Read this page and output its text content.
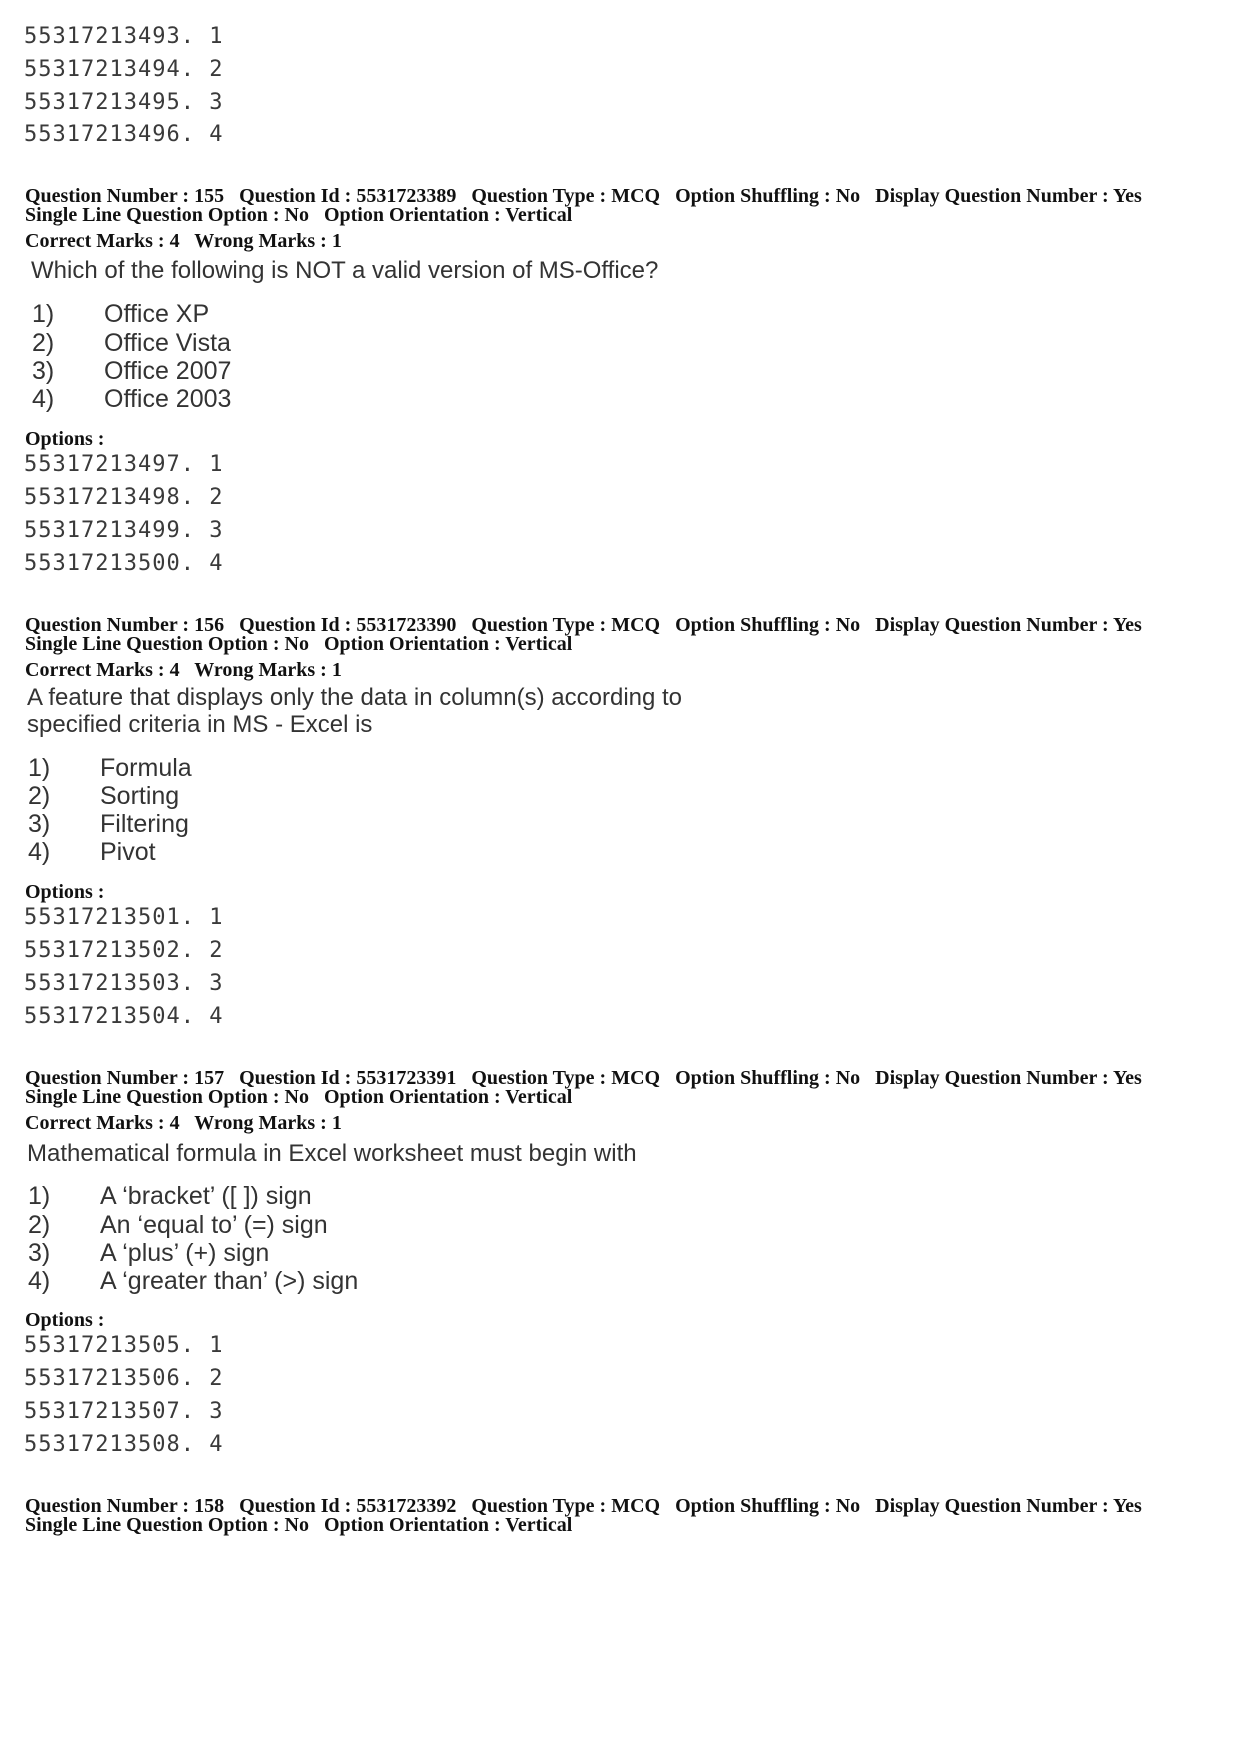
55317213493. 1
55317213494. 2
55317213495. 3
55317213496. 4
Question Number : 155 Question Id : 5531723389 Question Type : MCQ Option Shuffling : No Display Question Number : Yes
Single Line Question Option : No Option Orientation : Vertical
Correct Marks : 4 Wrong Marks : 1
Which of the following is NOT a valid version of MS-Office?
1) Office XP
2) Office Vista
3) Office 2007
4) Office 2003
Options :
55317213497. 1
55317213498. 2
55317213499. 3
55317213500. 4
Question Number : 156 Question Id : 5531723390 Question Type : MCQ Option Shuffling : No Display Question Number : Yes
Single Line Question Option : No Option Orientation : Vertical
Correct Marks : 4 Wrong Marks : 1
A feature that displays only the data in column(s) according to
specified criteria in MS - Excel is
1) Formula
2) Sorting
3) Filtering
4) Pivot
Options :
55317213501. 1
55317213502. 2
55317213503. 3
55317213504. 4
Question Number : 157 Question Id : 5531723391 Question Type : MCQ Option Shuffling : No Display Question Number : Yes
Single Line Question Option : No Option Orientation : Vertical
Correct Marks : 4 Wrong Marks : 1
Mathematical formula in Excel worksheet must begin with
1) A ‘bracket’ ([ ]) sign
2) An ‘equal to’ (=) sign
3) A ‘plus’ (+) sign
4) A ‘greater than’ (>) sign
Options :
55317213505. 1
55317213506. 2
55317213507. 3
55317213508. 4
Question Number : 158 Question Id : 5531723392 Question Type : MCQ Option Shuffling : No Display Question Number : Yes
Single Line Question Option : No Option Orientation : Vertical
